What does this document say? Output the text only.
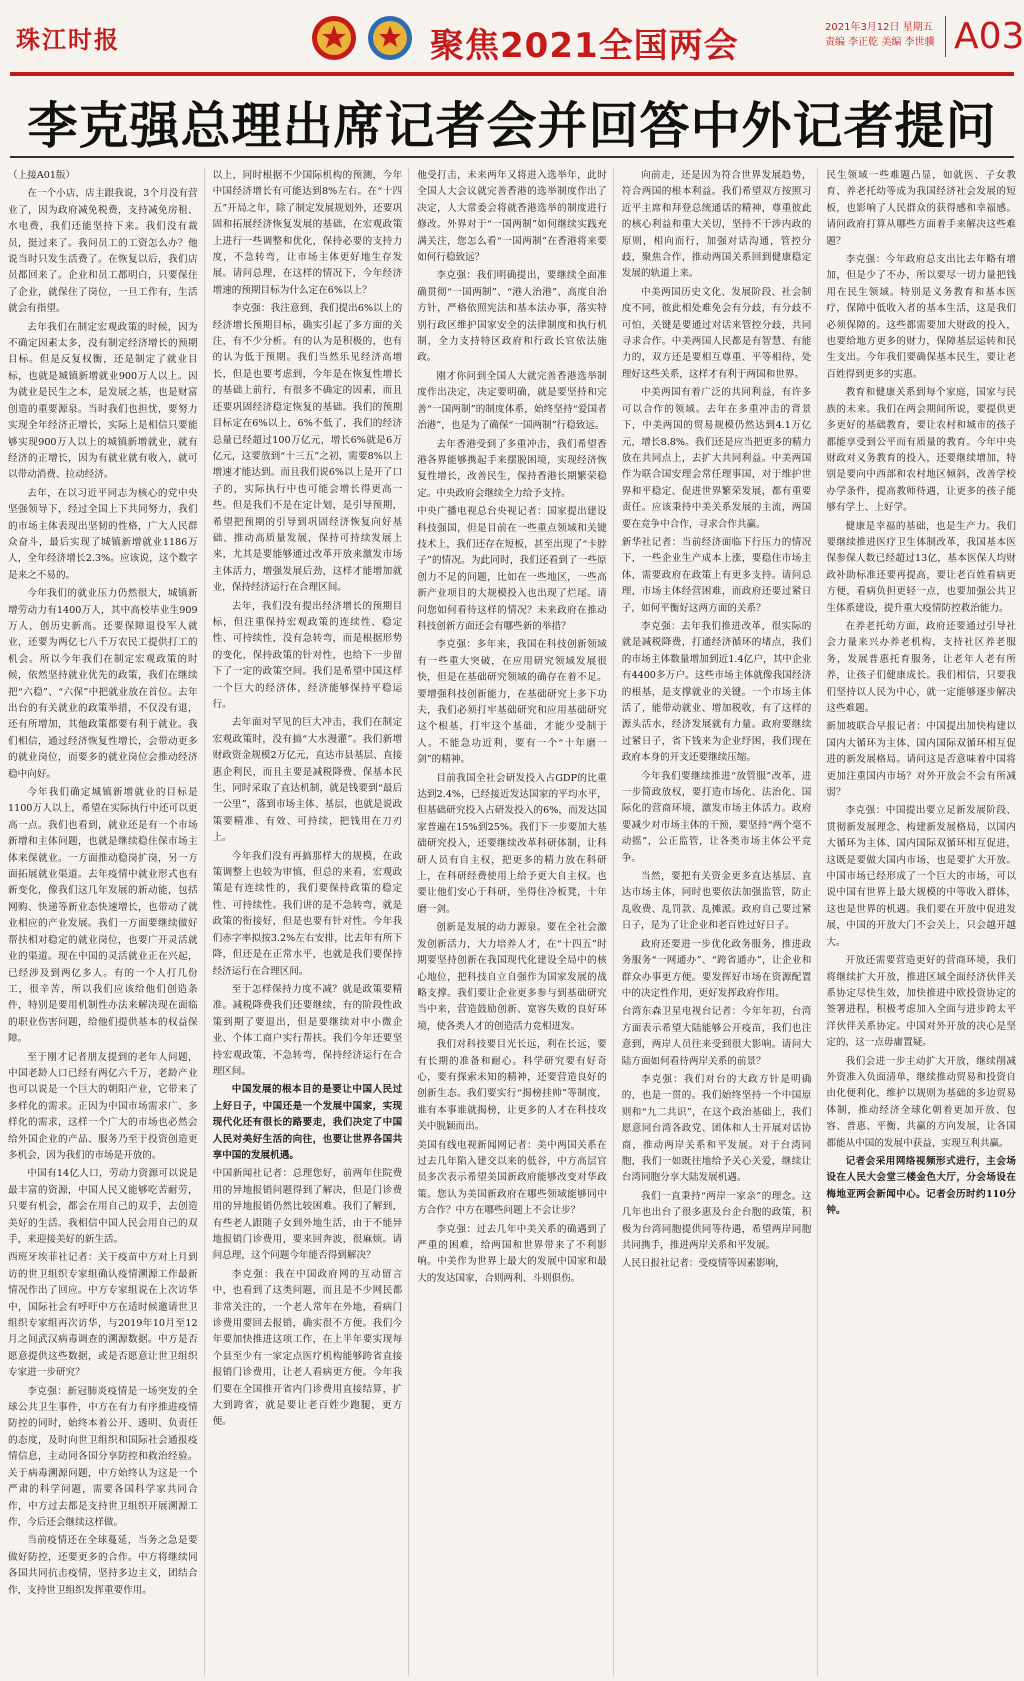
珠江时报	聚焦2021全国两会	2021年3月12日 星期五
责编 李正乾 美编 李世骥 A03
李克强总理出席记者会并回答中外记者提问

（上接A01版）

在一个小店，店主跟我说，3个月没有营业了，因为政府减免税费，支持减免房租、水电费，我们还能坚持下来。我们没有裁员，挺过来了。我问员工的工资怎么办？他说当时只发生活费了。在恢复以后，我们店员都回来了。企业和员工都明白，只要保住了企业，就保住了岗位，一旦工作有，生活就会有指望。

去年我们在制定宏观政策的时候，因为不确定因素太多，没有制定经济增长的预期目标。但是反复权衡，还是制定了就业目标，也就是城镇新增就业900万人以上。因为就业是民生之本，是发展之基，也是财富创造的重要源泉。当时我们也担忧，要努力实现全年经济正增长，实际上是相信只要能够实现900万人以上的城镇新增就业，就有经济的正增长，因为有就业就有收入，就可以带动消费、拉动经济。

去年，在以习近平同志为核心的党中央坚强领导下，经过全国上下共同努力，我们的市场主体表现出坚韧的性格，广大人民群众奋斗，最后实现了城镇新增就业1186万人，全年经济增长2.3%。应该说，这个数字是来之不易的。

今年我们的就业压力仍然很大，城镇新增劳动力有1400万人，其中高校毕业生909万人，创历史新高。还要保障退役军人就业，还要为两亿七八千万农民工提供打工的机会。所以今年我们在制定宏观政策的时候，依然坚持就业优先的政策，我们在继续把“六稳”、“六保”中把就业放在首位。去年出台的有关就业的政策举措，不仅没有退，还有所增加，其他政策都要有利于就业。我们相信，通过经济恢复性增长，会带动更多的就业岗位，而要多的就业岗位会推动经济稳中向好。

今年我们确定城镇新增就业的目标是1100万人以上，希望在实际执行中还可以更高一点。我们也看到，就业还是有一个市场新增和主体问题，也就是继续稳住保市场主体来保就业。一方面推动稳岗扩岗，另一方面拓展就业渠道。去年疫情中就业形式也有新变化，像我们这几年发展的新动能，包括网购、快递等新业态快速增长，也带动了就业相应的产业发展。我们一方面要继续做好帮扶相对稳定的就业岗位，也要广开灵活就业的渠道。现在中国的灵活就业正在兴起，已经涉及到两亿多人。有的一个人打几份工，很辛苦，所以我们应该给他们创造条件，特别是要用机制性办法来解决现在面临的职业伤害问题，给他们提供基本的权益保障。

至于刚才记者朋友提到的老年人问题，中国老龄人口已经有两亿六千万，老龄产业也可以说是一个巨大的朝阳产业，它带来了多样化的需求。正因为中国市场需求广、多样化的需求，这样一个广大的市场也必然会给外国企业的产品、服务乃至于投资创造更多机会，因为我们的市场是开放的。

中国有14亿人口，劳动力资源可以说是最丰富的资源，中国人民又能够吃苦耐劳，只要有机会，都会在用自己的双手，去创造美好的生活。我相信中国人民会用自己的双手，来迎接美好的新生活。

西班牙埃菲社记者：关于疫苗中方对上月到访的世卫组织专家组确认疫情溯源工作最新情况作出了回应。中方专家组说在上次访华中，国际社会有呼吁中方在适时候邀请世卫组织专家组再次访华，与2019年10月至12月之间武汉病毒调查的溯源数据。中方是否愿意提供这些数据，或是否愿意让世卫组织专家进一步研究？

李克强：新冠肺炎疫情是一场突发的全球公共卫生事件，中方在有力有序推进疫情防控的同时，始终本着公开、透明、负责任的态度，及时向世卫组织和国际社会通报疫情信息，主动同各国分享防控和救治经验。关于病毒溯源问题，中方始终认为这是一个严肃的科学问题，需要各国科学家共同合作，中方过去都是支持世卫组织开展溯源工作，今后还会继续这样做。

当前疫情还在全球蔓延，当务之急是要做好防控，还要更多的合作。中方将继续同各国共同抗击疫情，坚持多边主义，团结合作，支持世卫组织发挥重要作用。

以上，同时根据不少国际机构的预测，今年中国经济增长有可能达到8%左右。在“十四五”开局之年，除了制定发展规划外，还要巩固和拓展经济恢复发展的基础，在宏观政策上进行一些调整和优化，保持必要的支持力度，不急转弯，让市场主体更好地生存发展。请问总理，在这样的情况下，今年经济增速的预期目标为什么定在6%以上？

李克强：我注意到，我们提出6%以上的经济增长预期目标，确实引起了多方面的关注，有不少分析。有的认为是积极的，也有的认为低于预期。我们当然乐见经济高增长，但是也要考虑到，今年是在恢复性增长的基础上前行，有很多不确定的因素，而且还要巩固经济稳定恢复的基础。我们的预期目标定在6%以上，6%不低了，我们的经济总量已经超过100万亿元，增长6%就是6万亿元，这要放到“十三五”之初，需要8%以上增速才能达到。而且我们说6%以上是开了口子的，实际执行中也可能会增长得更高一些。但是我们不是在定计划，是引导预期，希望把预期的引导到巩固经济恢复向好基础、推动高质量发展，保持可持续发展上来，尤其是要能够通过改革开放来激发市场主体活力，增强发展后劲，这样才能增加就业，保持经济运行在合理区间。

去年，我们没有提出经济增长的预期目标，但注重保持宏观政策的连续性、稳定性、可持续性，没有急转弯，而是根据形势的变化，保持政策的针对性，也给下一步留下了一定的政策空间。我们是希望中国这样一个巨大的经济体，经济能够保持平稳运行。

去年面对罕见的巨大冲击，我们在制定宏观政策时，没有搞“大水漫灌”。我们新增财政资金规模2万亿元，直达市县基层、直接惠企利民，而且主要是减税降费、保基本民生，同时采取了直达机制，就是钱要到“最后一公里”，落到市场主体、基层，也就是说政策要精准、有效、可持续，把钱用在刀刃上。

今年我们没有再搞那样大的规模，在政策调整上也较为审慎，但总的来看，宏观政策是有连续性的，我们要保持政策的稳定性、可持续性。我们讲的是不急转弯，就是政策的衔接好，但是也要有针对性。今年我们赤字率拟按3.2%左右安排，比去年有所下降，但还是在正常水平，也就是我们要保持经济运行在合理区间。

至于怎样保持力度不减？就是政策要精准。减税降费我们还要继续，有的阶段性政策到期了要退出，但是要继续对中小微企业、个体工商户实行帮扶。我们今年还要坚持宏观政策，不急转弯，保持经济运行在合理区间。

中国发展的根本目的是要让中国人民过上好日子，中国还是一个发展中国家，实现现代化还有很长的路要走，我们决定了中国人民对美好生活的向往，也要让世界各国共享中国的发展机遇。

中国新闻社记者：总理您好，前两年住院费用的异地报销问题得到了解决，但是门诊费用的异地报销仍然比较困难。我们了解到，有些老人跟随子女到外地生活，由于不能异地报销门诊费用，要来回奔波，很麻烦。请问总理，这个问题今年能否得到解决？

李克强：我在中国政府网的互动留言中，也看到了这类问题，而且是不少网民都非常关注的，一个老人常年在外地，看病门诊费用要回去报销，确实很不方便。我们今年要加快推进这项工作，在上半年要实现每个县至少有一家定点医疗机构能够跨省直接报销门诊费用，让老人看病更方便。今年我们要在全国推开省内门诊费用直接结算，扩大到跨省，就是要让老百姓少跑腿，更方便。

他受打击，未来两年又将进入选举年，此时全国人大会议就完善香港的选举制度作出了决定，人大常委会将就香港选举的制度进行修改。外界对于“一国两制”如何继续实践充满关注，您怎么看“一国两制”在香港将来要如何行稳致远？

李克强：我们明确提出，要继续全面准确贯彻“一国两制”、“港人治港”、高度自治方针，严格依照宪法和基本法办事，落实特别行政区维护国家安全的法律制度和执行机制，全力支持特区政府和行政长官依法施政。

刚才你问到全国人大就完善香港选举制度作出决定，决定要明确，就是要坚持和完善“一国两制”的制度体系，始终坚持“爱国者治港”，也是为了确保“一国两制”行稳致远。

去年香港受到了多重冲击，我们希望香港各界能够携起手来摆脱困境，实现经济恢复性增长，改善民生，保持香港长期繁荣稳定。中央政府会继续全力给予支持。

中央广播电视总台央视记者：国家提出建设科技强国，但是目前在一些重点领域和关键技术上，我们还存在短板，甚至出现了“卡脖子”的情况。为此同时，我们还看到了一些原创力不足的问题，比如在一些地区，一些高新产业项目的大规模投入也出现了烂尾。请问您如何看待这样的情况？未来政府在推动科技创新方面还会有哪些新的举措？

李克强：多年来，我国在科技创新领域有一些重大突破，在应用研究领域发展很快，但是在基础研究领域的确存在着不足。要增强科技创新能力，在基础研究上多下功夫，我们必须打牢基础研究和应用基础研究这个根基，打牢这个基础，才能少受制于人。不能急功近利，要有一个“十年磨一剑”的精神。

目前我国全社会研发投入占GDP的比重达到2.4%，已经接近发达国家的平均水平，但基础研究投入占研发投入的6%，而发达国家普遍在15%到25%。我们下一步要加大基础研究投入，还要继续改革科研体制，让科研人员有自主权，把更多的精力放在科研上，在科研经费使用上给予更大自主权。也要让他们安心于科研，坐得住冷板凳，十年磨一剑。

创新是发展的动力源泉。要在全社会激发创新活力，大力培养人才，在“十四五”时期要坚持创新在我国现代化建设全局中的核心地位，把科技自立自强作为国家发展的战略支撑。我们要让企业更多参与到基础研究当中来，营造鼓励创新、宽容失败的良好环境，使各类人才的创造活力竞相迸发。

我们对科技要目光长远，利在长远，要有长期的准备和耐心。科学研究要有好奇心，要有探索未知的精神，还要营造良好的创新生态。我们要实行“揭榜挂帅”等制度，谁有本事谁就揭榜，让更多的人才在科技攻关中脱颖而出。

美国有线电视新闻网记者：美中两国关系在过去几年陷入建交以来的低谷，中方高层官员多次表示希望美国新政府能够改变对华政策。您认为美国新政府在哪些领域能够同中方合作？中方在哪些问题上不会让步？

李克强：过去几年中美关系的确遇到了严重的困难，给两国和世界带来了不利影响。中美作为世界上最大的发展中国家和最大的发达国家，合则两利、斗则俱伤。

向前走，还是因为符合世界发展趋势，符合两国的根本利益。我们希望双方按照习近平主席和拜登总统通话的精神，尊重彼此的核心利益和重大关切，坚持不干涉内政的原则，相向而行，加强对话沟通，管控分歧，聚焦合作，推动两国关系回到健康稳定发展的轨道上来。

中美两国历史文化、发展阶段、社会制度不同，彼此相处难免会有分歧，有分歧不可怕，关键是要通过对话来管控分歧，共同寻求合作。中美两国人民都是有智慧、有能力的，双方还是要相互尊重、平等相待，处理好这些关系，这样才有利于两国和世界。

中美两国有着广泛的共同利益，有许多可以合作的领域。去年在多重冲击的背景下，中美两国的贸易规模仍然达到4.1万亿元，增长8.8%。我们还是应当把更多的精力放在共同点上，去扩大共同利益。中美两国作为联合国安理会常任理事国，对于维护世界和平稳定、促进世界繁荣发展，都有重要责任。应该秉持中美关系发展的主流，两国要在竞争中合作，寻求合作共赢。

新华社记者：当前经济面临下行压力的情况下，一些企业生产成本上涨，要稳住市场主体，需要政府在政策上有更多支持。请问总理，市场主体经营困难，而政府还要过紧日子，如何平衡好这两方面的关系？

李克强：去年我们推进改革，很实际的就是减税降费，打通经济循环的堵点，我们的市场主体数量增加到近1.4亿户，其中企业有4400多万户。这些市场主体就像我国经济的根基，是支撑就业的关键。一个市场主体活了，能带动就业、增加税收，有了这样的源头活水，经济发展就有力量。政府要继续过紧日子，省下钱来为企业纾困，我们现在政府本身的开支还要继续压缩。

今年我们要继续推进“放管服”改革，进一步简政放权，要打造市场化、法治化、国际化的营商环境，激发市场主体活力。政府要减少对市场主体的干预，要坚持“两个毫不动摇”，公正监管，让各类市场主体公平竞争。

当然，要把有关资金更多直达基层、直达市场主体，同时也要依法加强监管，防止乱收费、乱罚款、乱摊派。政府自己要过紧日子，是为了让企业和老百姓过好日子。

政府还要进一步优化政务服务，推进政务服务“一网通办”、“跨省通办”，让企业和群众办事更方便。要发挥好市场在资源配置中的决定性作用，更好发挥政府作用。

台湾东森卫星电视台记者：今年年初，台湾方面表示希望大陆能够公开疫苗，我们也注意到，两岸人员往来受到很大影响。请问大陆方面如何看待两岸关系的前景？

李克强：我们对台的大政方针是明确的，也是一贯的。我们始终坚持一个中国原则和“九二共识”，在这个政治基础上，我们愿意同台湾各政党、团体和人士开展对话协商，推动两岸关系和平发展。对于台湾同胞，我们一如既往地给予关心关爱，继续让台湾同胞分享大陆发展机遇。

我们一直秉持“两岸一家亲”的理念。这几年也出台了很多惠及台企台胞的政策，积极为台湾同胞提供同等待遇，希望两岸同胞共同携手，推进两岸关系和平发展。

人民日报社记者：受疫情等因素影响，

民生领域一些难题凸显，如就医、子女教育、养老托幼等成为我国经济社会发展的短板，也影响了人民群众的获得感和幸福感。请问政府打算从哪些方面着手来解决这些难题？

李克强：今年政府总支出比去年略有增加，但是少了不办，所以要尽一切力量把钱用在民生领域。特别是义务教育和基本医疗，保障中低收入者的基本生活，这是我们必须保障的。这些都需要加大财政的投入，也要给地方更多的财力，保障基层运转和民生支出。今年我们要确保基本民生，要让老百姓得到更多的实惠。

教育和健康关系到每个家庭，国家与民族的未来。我们在两会期间所说，要提供更多更好的基础教育，要让农村和城市的孩子都能享受到公平而有质量的教育。今年中央财政对义务教育的投入，还要继续增加，特别是要向中西部和农村地区倾斜，改善学校办学条件，提高教师待遇，让更多的孩子能够有学上、上好学。

健康是幸福的基础，也是生产力。我们要继续推进医疗卫生体制改革，我国基本医保参保人数已经超过13亿，基本医保人均财政补助标准还要再提高，要让老百姓看病更方便，看病负担更轻一点，也要加强公共卫生体系建设，提升重大疫情防控救治能力。

在养老托幼方面，政府还要通过引导社会力量来兴办养老机构，支持社区养老服务，发展普惠托育服务，让老年人老有所养，让孩子们健康成长。我们相信，只要我们坚持以人民为中心，就一定能够逐步解决这些难题。

新加坡联合早报记者：中国提出加快构建以国内大循环为主体、国内国际双循环相互促进的新发展格局。请问这是否意味着中国将更加注重国内市场？对外开放会不会有所减弱？

李克强：中国提出要立足新发展阶段、贯彻新发展理念、构建新发展格局，以国内大循环为主体、国内国际双循环相互促进，这既是要做大国内市场，也是要扩大开放。中国市场已经形成了一个巨大的市场，可以说中国有世界上最大规模的中等收入群体，这也是世界的机遇。我们要在开放中促进发展，中国的开放大门不会关上，只会越开越大。

开放还需要营造更好的营商环境，我们将继续扩大开放，推进区域全面经济伙伴关系协定尽快生效，加快推进中欧投资协定的签署进程，积极考虑加入全面与进步跨太平洋伙伴关系协定。中国对外开放的决心是坚定的，这一点毋庸置疑。

我们会进一步主动扩大开放，继续削减外资准入负面清单，继续推动贸易和投资自由化便利化，维护以规则为基础的多边贸易体制，推动经济全球化朝着更加开放、包容、普惠、平衡、共赢的方向发展，让各国都能从中国的发展中获益，实现互利共赢。

记者会采用网络视频形式进行，主会场设在人民大会堂三楼金色大厅，分会场设在梅地亚两会新闻中心。记者会历时约110分钟。
